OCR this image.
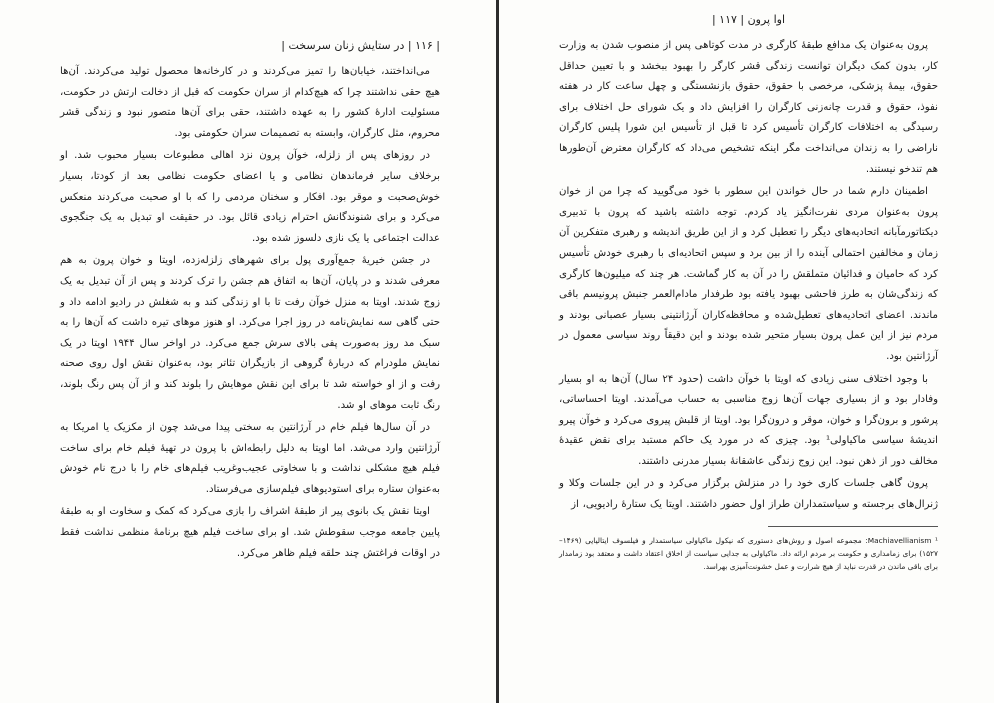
| ۱۱۶ | در ستایش زنان سرسخت |

می‌انداختند، خیابان‌ها را تمیز می‌کردند و در کارخانه‌ها محصول تولید می‌کردند. آن‌ها هیچ حقی نداشتند چرا که هیچ‌کدام از سران حکومت که قبل از دخالت ارتش در حکومت، مسئولیت ادارهٔ کشور را به عهده داشتند، حقی برای آن‌ها متصور نبود و زندگی قشر محروم، مثل کارگران، وابسته به تصمیمات سران حکومتی بود.

در روزهای پس از زلزله، خوآن پرون نزد اهالی مطبوعات بسیار محبوب شد. او برخلاف سایر فرماندهان نظامی و یا اعضای حکومت نظامی بعد از کودتا، بسیار خوش‌صحبت و موقر بود. افکار و سخنان مردمی را که با او صحبت می‌کردند منعکس می‌کرد و برای شنوندگانش احترام زیادی قائل بود. در حقیقت او تبدیل به یک جنگجوی عدالت اجتماعی یا یک نازی دلسوز شده بود.

در جشن خیریهٔ جمع‌آوری پول برای شهرهای زلزله‌زده، اویتا و خوان پرون به هم معرفی شدند و در پایان، آن‌ها به اتفاق هم جشن را ترک کردند و پس از آن تبدیل به یک زوج شدند. اویتا به منزل خوآن رفت تا با او زندگی کند و به شغلش در رادیو ادامه داد و حتی گاهی سه نمایش‌نامه در روز اجرا می‌کرد. او هنوز موهای تیره داشت که آن‌ها را به سبک مد روز به‌صورت پفی بالای سرش جمع می‌کرد. در اواخر سال ۱۹۴۴ اویتا در یک نمایش ملودرام که دربارهٔ گروهی از بازیگران تئاتر بود، به‌عنوان نقش اول روی صحنه رفت و از او خواسته شد تا برای این نقش موهایش را بلوند کند و از آن پس رنگ بلوند، رنگ ثابت موهای او شد.

در آن سال‌ها فیلم خام در آرژانتین به سختی پیدا می‌شد چون از مکزیک یا امریکا به آرژانتین وارد می‌شد. اما اویتا به دلیل رابطه‌اش با پرون در تهیهٔ فیلم خام برای ساخت فیلم هیچ مشکلی نداشت و با سخاوتی عجیب‌وغریب فیلم‌های خام را با درج نام خودش به‌عنوان ستاره برای استودیوهای فیلم‌سازی می‌فرستاد.

اویتا نقش یک بانوی پیر از طبقهٔ اشراف را بازی می‌کرد که کمک و سخاوت او به طبقهٔ پایین جامعه موجب سقوطش شد. او برای ساخت فیلم هیچ برنامهٔ منظمی نداشت فقط در اوقات فراغتش چند حلقه فیلم ظاهر می‌کرد.

اوا پرون | ۱۱۷ |

پرون به‌عنوان یک مدافع طبقهٔ کارگری در مدت کوتاهی پس از منصوب شدن به وزارت کار، بدون کمک دیگران توانست زندگی قشر کارگر را بهبود ببخشد و با تعیین حداقل حقوق، بیمهٔ پزشکی، مرخصی با حقوق، حقوق بازنشستگی و چهل ساعت کار در هفته نفوذ، حقوق و قدرت چانه‌زنی کارگران را افزایش داد و یک شورای حل اختلاف برای رسیدگی به اختلافات کارگران تأسیس کرد تا قبل از تأسیس این شورا پلیس کارگران ناراضی را به زندان می‌انداخت مگر اینکه تشخیص می‌داد که کارگران معترض آن‌طورها هم تندخو نیستند.

اطمینان دارم شما در حال خواندن این سطور با خود می‌گویید که چرا من از خوان پرون به‌عنوان مردی نفرت‌انگیز یاد کردم. توجه داشته باشید که پرون با تدبیری دیکتاتورمآبانه اتحادیه‌های دیگر را تعطیل کرد و از این طریق اندیشه و رهبری متفکرین آن زمان و مخالفین احتمالی آینده را از بین برد و سپس اتحادیه‌ای با رهبری خودش تأسیس کرد که حامیان و فدائیان متملقش را در آن به کار گماشت. هر چند که میلیون‌ها کارگری که زندگی‌شان به طرز فاحشی بهبود یافته بود طرفدار مادام‌العمر جنبش پرونیسم باقی ماندند. اعضای اتحادیه‌های تعطیل‌شده و محافظه‌کاران آرژانتینی بسیار عصبانی بودند و مردم نیز از این عمل پرون بسیار متحیر شده بودند و این دقیقاً روند سیاسی معمول در آرژانتین بود.

با وجود اختلاف سنی زیادی که اویتا با خوآن داشت (حدود ۲۴ سال) آن‌ها به او بسیار وفادار بود و از بسیاری جهات آن‌ها زوج مناسبی به حساب می‌آمدند. اویتا احساساتی، پرشور و برون‌گرا و خوان، موقر و درون‌گرا بود. اویتا از قلبش پیروی می‌کرد و خوآن پیرو اندیشهٔ سیاسی ماکیاولی¹ بود. چیزی که در مورد یک حاکم مستبد برای نقض عقیدهٔ مخالف دور از ذهن نبود. این زوج زندگی عاشقانهٔ بسیار مدرنی داشتند.

پرون گاهی جلسات کاری خود را در منزلش برگزار می‌کرد و در این جلسات وکلا و ژنرال‌های برجسته و سیاستمداران طراز اول حضور داشتند. اویتا یک ستارهٔ رادیویی، از

¹ Machiavellianism: مجموعه اصول و روش‌های دستوری که نیکول ماکیاولی سیاستمدار و فیلسوف ایتالیایی (۱۴۶۹–۱۵۲۷) برای زمامداری و حکومت بر مردم ارائه داد. ماکیاولی به جدایی سیاست از اخلاق اعتقاد داشت و معتقد بود زمامدار برای باقی ماندن در قدرت نباید از هیچ شرارت و عمل خشونت‌آمیزی بهراسد.
